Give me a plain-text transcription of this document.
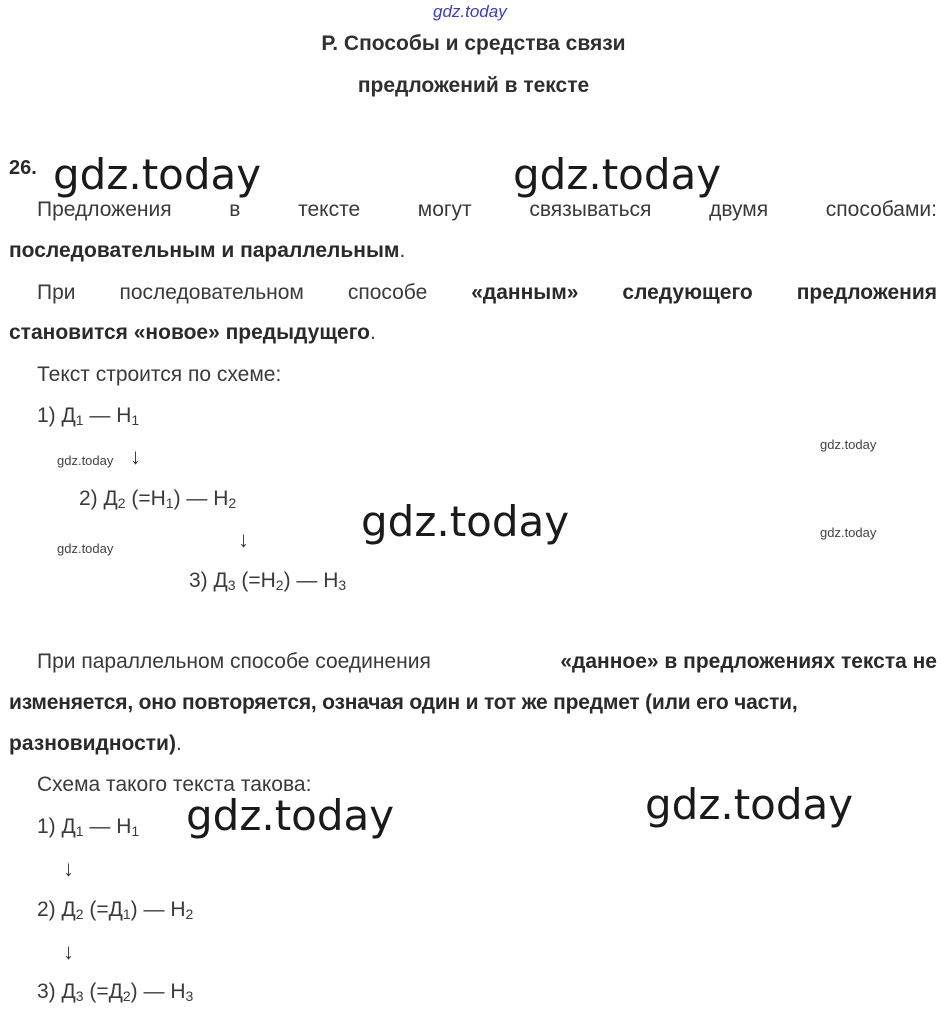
gdz.today
Р. Способы и средства связи
предложений в тексте
26. gdz.today	gdz.today
Предложения	в	тексте	могут	связываться	двумя	способами:
последовательным и параллельным.
При последовательном способе «данным» следующего предложения
становится «новое» предыдущего.
Текст строится по схеме:
1) $Д_1$ — $Н_1$
gdz.today ↓	gdz.today
2) $Д_2$ $(=Н_1)$ — $Н_2$	gdz.today
gdz.today	↓	gdz.today
3) $Д_3$ $(=Н_2)$ — $Н_3$
При параллельном способе соединения	«данное» в предложениях текста не
изменяется, оно повторяется, означая один и тот же предмет (или его части,
разновидности).
Схема такого текста такова:	gdz.today
1) $Д_1$ — $Н_1$ gdz.today
↓
2) $Д_2$ $(=Д_1)$ — $Н_2$
↓
3) $Д_3$ $(=Д_2)$ — $Н_3$
